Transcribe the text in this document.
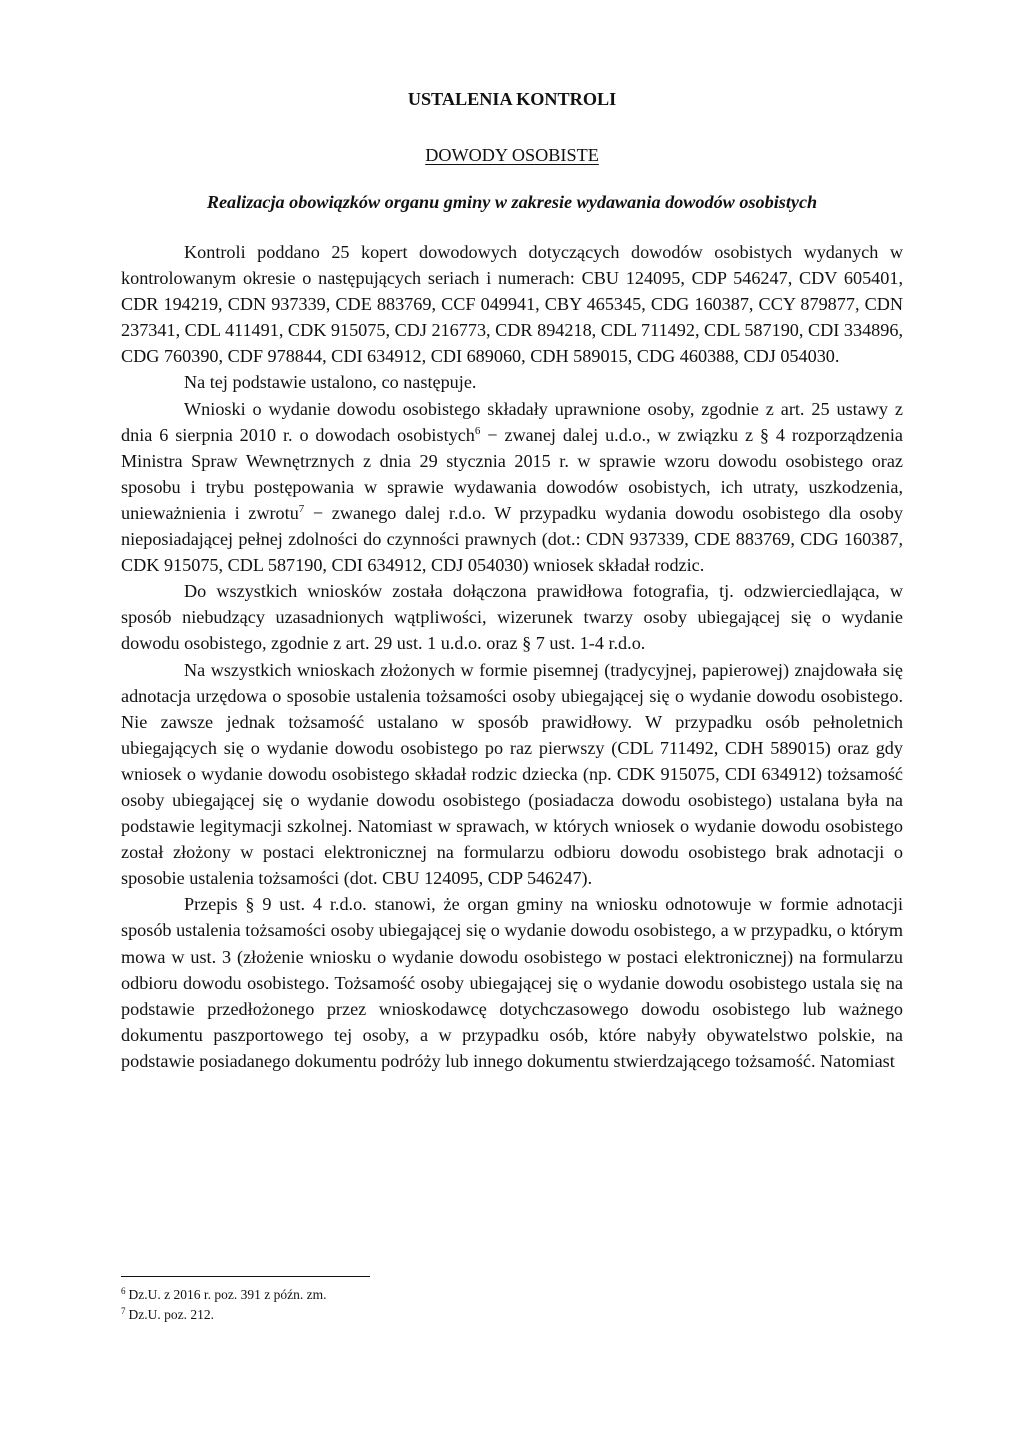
USTALENIA KONTROLI
DOWODY OSOBISTE
Realizacja obowiązków organu gminy w zakresie wydawania dowodów osobistych

Kontroli poddano 25 kopert dowodowych dotyczących dowodów osobistych wydanych w kontrolowanym okresie o następujących seriach i numerach: CBU 124095, CDP 546247, CDV 605401, CDR 194219, CDN 937339, CDE 883769, CCF 049941, CBY 465345, CDG 160387, CCY 879877, CDN 237341, CDL 411491, CDK 915075, CDJ 216773, CDR 894218, CDL 711492, CDL 587190, CDI 334896, CDG 760390, CDF 978844, CDI 634912, CDI 689060, CDH 589015, CDG 460388, CDJ 054030.

Na tej podstawie ustalono, co następuje.

Wnioski o wydanie dowodu osobistego składały uprawnione osoby, zgodnie z art. 25 ustawy z dnia 6 sierpnia 2010 r. o dowodach osobistych$^6$ − zwanej dalej u.d.o., w związku z § 4 rozporządzenia Ministra Spraw Wewnętrznych z dnia 29 stycznia 2015 r. w sprawie wzoru dowodu osobistego oraz sposobu i trybu postępowania w sprawie wydawania dowodów osobistych, ich utraty, uszkodzenia, unieważnienia i zwrotu$^7$ − zwanego dalej r.d.o. W przypadku wydania dowodu osobistego dla osoby nieposiadającej pełnej zdolności do czynności prawnych (dot.: CDN 937339, CDE 883769, CDG 160387, CDK 915075, CDL 587190, CDI 634912, CDJ 054030) wniosek składał rodzic.

Do wszystkich wniosków została dołączona prawidłowa fotografia, tj. odzwierciedlająca, w sposób niebudzący uzasadnionych wątpliwości, wizerunek twarzy osoby ubiegającej się o wydanie dowodu osobistego, zgodnie z art. 29 ust. 1 u.d.o. oraz § 7 ust. 1-4 r.d.o.

Na wszystkich wnioskach złożonych w formie pisemnej (tradycyjnej, papierowej) znajdowała się adnotacja urzędowa o sposobie ustalenia tożsamości osoby ubiegającej się o wydanie dowodu osobistego. Nie zawsze jednak tożsamość ustalano w sposób prawidłowy. W przypadku osób pełnoletnich ubiegających się o wydanie dowodu osobistego po raz pierwszy (CDL 711492, CDH 589015) oraz gdy wniosek o wydanie dowodu osobistego składał rodzic dziecka (np. CDK 915075, CDI 634912) tożsamość osoby ubiegającej się o wydanie dowodu osobistego (posiadacza dowodu osobistego) ustalana była na podstawie legitymacji szkolnej. Natomiast w sprawach, w których wniosek o wydanie dowodu osobistego został złożony w postaci elektronicznej na formularzu odbioru dowodu osobistego brak adnotacji o sposobie ustalenia tożsamości (dot. CBU 124095, CDP 546247).

Przepis § 9 ust. 4 r.d.o. stanowi, że organ gminy na wniosku odnotowuje w formie adnotacji sposób ustalenia tożsamości osoby ubiegającej się o wydanie dowodu osobistego, a w przypadku, o którym mowa w ust. 3 (złożenie wniosku o wydanie dowodu osobistego w postaci elektronicznej) na formularzu odbioru dowodu osobistego. Tożsamość osoby ubiegającej się o wydanie dowodu osobistego ustala się na podstawie przedłożonego przez wnioskodawcę dotychczasowego dowodu osobistego lub ważnego dokumentu paszportowego tej osoby, a w przypadku osób, które nabyły obywatelstwo polskie, na podstawie posiadanego dokumentu podróży lub innego dokumentu stwierdzającego tożsamość. Natomiast

$^6$ Dz.U. z 2016 r. poz. 391 z późn. zm.

$^7$ Dz.U. poz. 212.
